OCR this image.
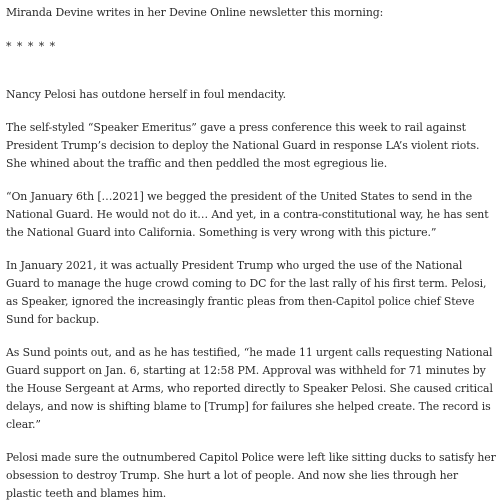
Miranda Devine writes in her Devine Online newsletter this morning:

* * * * *

Nancy Pelosi has outdone herself in foul mendacity.

The self-styled “Speaker Emeritus” gave a press conference this week to rail against President Trump’s decision to deploy the National Guard in response LA’s violent riots. She whined about the traffic and then peddled the most egregious lie.

“On January 6th […2021] we begged the president of the United States to send in the National Guard. He would not do it… And yet, in a contra-constitutional way, he has sent the National Guard into California. Something is very wrong with this picture.”

In January 2021, it was actually President Trump who urged the use of the National Guard to manage the huge crowd coming to DC for the last rally of his first term. Pelosi, as Speaker, ignored the increasingly frantic pleas from then-Capitol police chief Steve Sund for backup.

As Sund points out, and as he has testified, “he made 11 urgent calls requesting National Guard support on Jan. 6, starting at 12:58 PM. Approval was withheld for 71 minutes by the House Sergeant at Arms, who reported directly to Speaker Pelosi. She caused critical delays, and now is shifting blame to [Trump] for failures she helped create. The record is clear.”

Pelosi made sure the outnumbered Capitol Police were left like sitting ducks to satisfy her obsession to destroy Trump. She hurt a lot of people. And now she lies through her plastic teeth and blames him.
